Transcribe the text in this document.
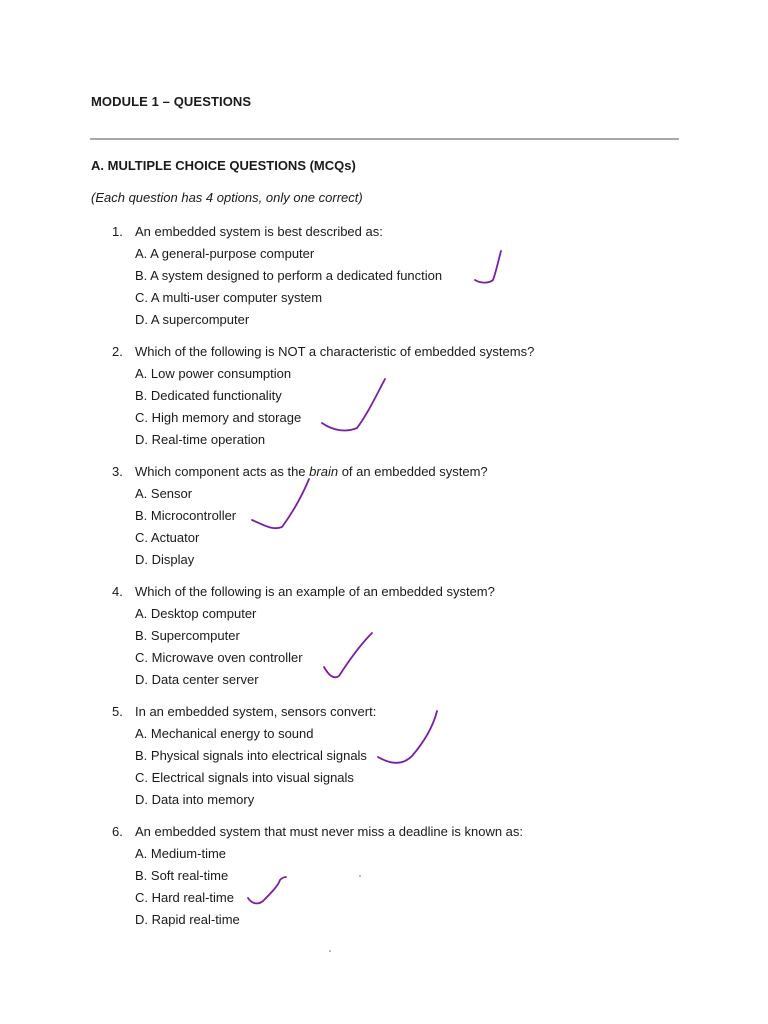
MODULE 1 – QUESTIONS
A. MULTIPLE CHOICE QUESTIONS (MCQs)
(Each question has 4 options, only one correct)
1. An embedded system is best described as:
A. A general-purpose computer
B. A system designed to perform a dedicated function
C. A multi-user computer system
D. A supercomputer
2. Which of the following is NOT a characteristic of embedded systems?
A. Low power consumption
B. Dedicated functionality
C. High memory and storage
D. Real-time operation
3. Which component acts as the brain of an embedded system?
A. Sensor
B. Microcontroller
C. Actuator
D. Display
4. Which of the following is an example of an embedded system?
A. Desktop computer
B. Supercomputer
C. Microwave oven controller
D. Data center server
5. In an embedded system, sensors convert:
A. Mechanical energy to sound
B. Physical signals into electrical signals
C. Electrical signals into visual signals
D. Data into memory
6. An embedded system that must never miss a deadline is known as:
A. Medium-time
B. Soft real-time
C. Hard real-time
D. Rapid real-time
